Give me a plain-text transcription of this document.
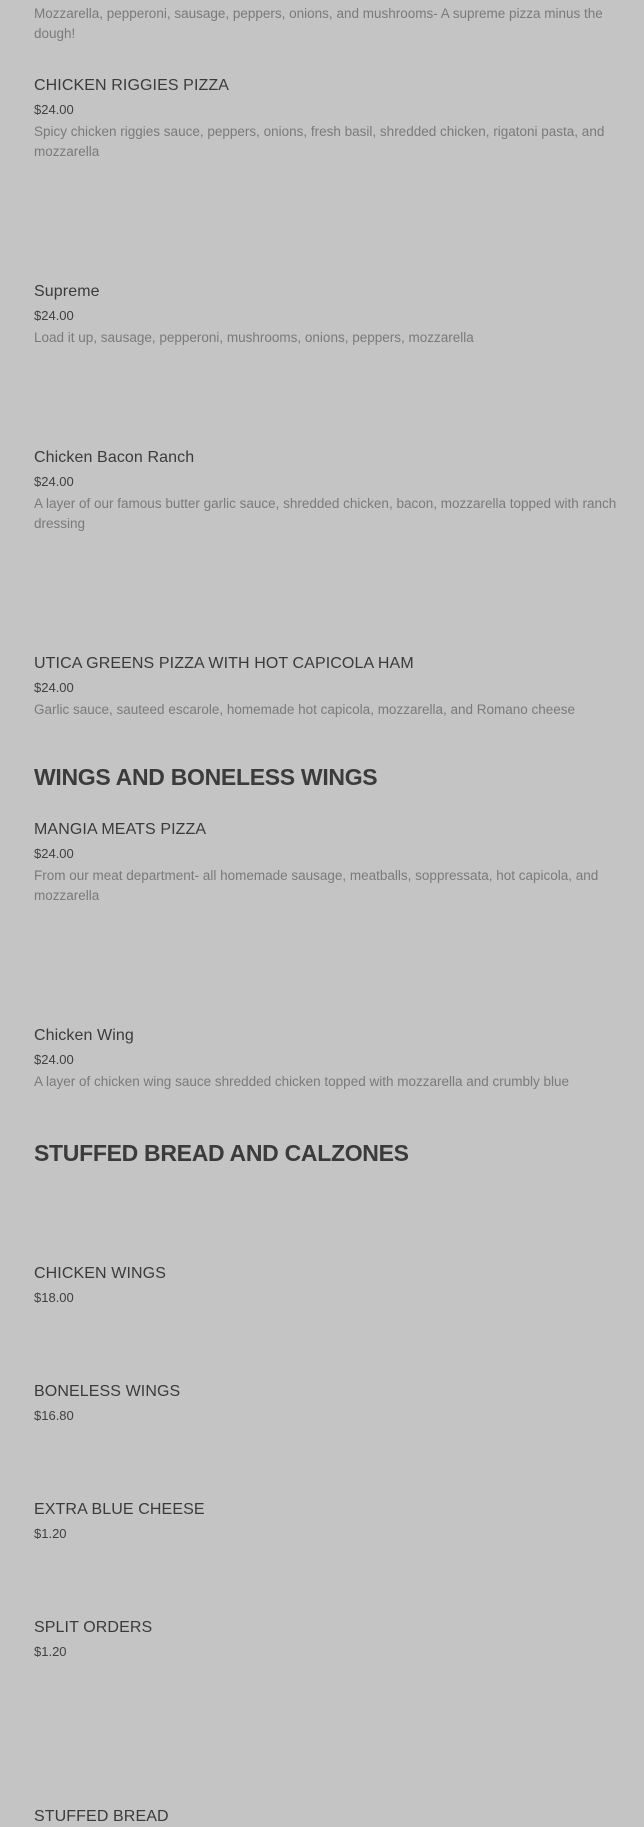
Mozzarella, pepperoni, sausage, peppers, onions, and mushrooms- A supreme pizza minus the dough!
CHICKEN RIGGIES PIZZA
$24.00
Spicy chicken riggies sauce, peppers, onions, fresh basil, shredded chicken, rigatoni pasta, and mozzarella
Supreme
$24.00
Load it up, sausage, pepperoni, mushrooms, onions, peppers, mozzarella
Chicken Bacon Ranch
$24.00
A layer of our famous butter garlic sauce, shredded chicken, bacon, mozzarella topped with ranch dressing
UTICA GREENS PIZZA WITH HOT CAPICOLA HAM
$24.00
Garlic sauce, sauteed escarole, homemade hot capicola, mozzarella, and Romano cheese
MANGIA MEATS PIZZA
$24.00
From our meat department- all homemade sausage, meatballs, soppressata, hot capicola, and mozzarella
Chicken Wing
$24.00
A layer of chicken wing sauce shredded chicken topped with mozzarella and crumbly blue
WINGS AND BONELESS WINGS
CHICKEN WINGS
$18.00
BONELESS WINGS
$16.80
EXTRA BLUE CHEESE
$1.20
SPLIT ORDERS
$1.20
STUFFED BREAD AND CALZONES
STUFFED BREAD
